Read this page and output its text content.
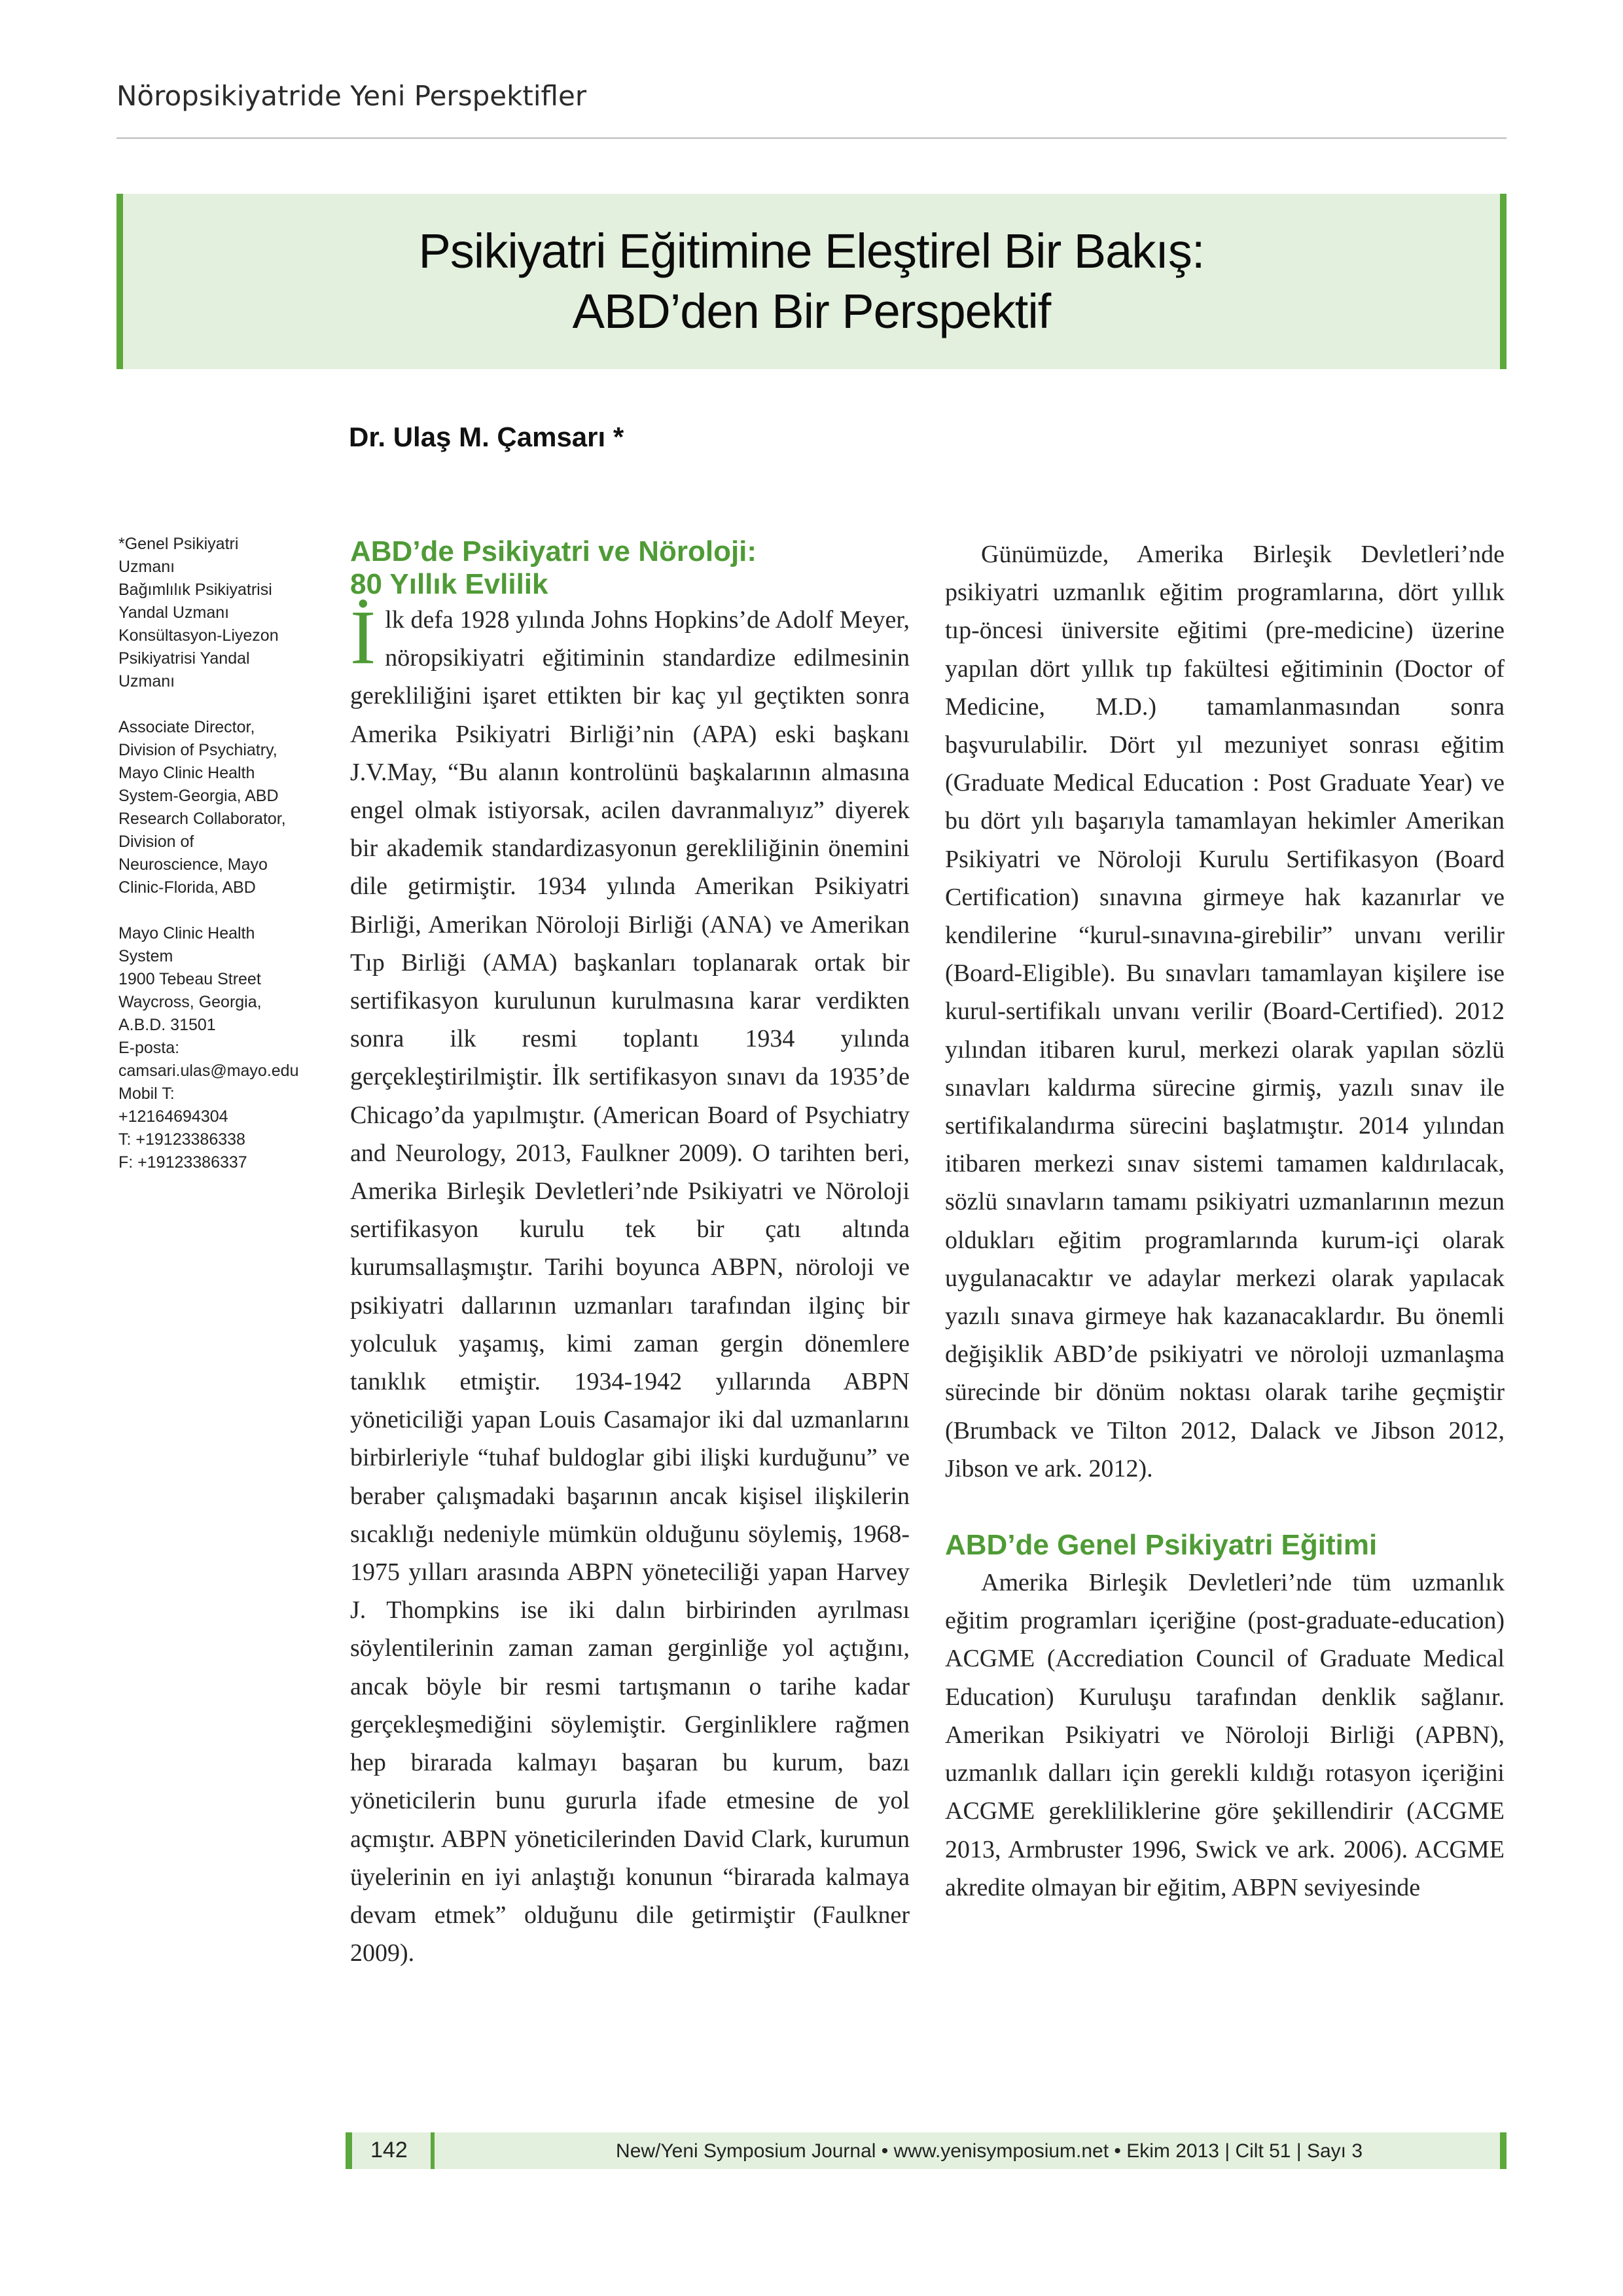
Nöropsikiyatride Yeni Perspektifler
Psikiyatri Eğitimine Eleştirel Bir Bakış:
ABD’den Bir Perspektif
Dr. Ulaş M. Çamsarı *

*Genel Psikiyatri
Uzmanı
Bağımlılık Psikiyatrisi
Yandal Uzmanı
Konsültasyon-Liyezon
Psikiyatrisi Yandal
Uzmanı

Associate Director,
Division of Psychiatry,
Mayo Clinic Health
System-Georgia, ABD
Research Collaborator,
Division of
Neuroscience, Mayo
Clinic-Florida, ABD

Mayo Clinic Health
System
1900 Tebeau Street
Waycross, Georgia,
A.B.D. 31501
E-posta:
camsari.ulas@mayo.edu
Mobil T:
+12164694304
T: +19123386338
F: +19123386337

ABD’de Psikiyatri ve Nöroloji:
80 Yıllık Evlilik

İlk defa 1928 yılında Johns Hopkins’de Adolf Meyer, nöropsikiyatri eğitiminin standardize edilmesinin gerekliliğini işaret ettikten bir kaç yıl geçtikten sonra Amerika Psikiyatri Birliği’nin (APA) eski başkanı J.V.May, “Bu alanın kontrolünü başkalarının almasına engel olmak istiyorsak, acilen davranmalıyız” diyerek bir akademik standardizasyonun gerekliliğinin önemini dile getirmiştir. 1934 yılında Amerikan Psikiyatri Birliği, Amerikan Nöroloji Birliği (ANA) ve Amerikan Tıp Birliği (AMA) başkanları toplanarak ortak bir sertifikasyon kurulunun kurulmasına karar verdikten sonra ilk resmi toplantı 1934 yılında gerçekleştirilmiştir. İlk sertifikasyon sınavı da 1935’de Chicago’da yapılmıştır. (American Board of Psychiatry and Neurology, 2013, Faulkner 2009). O tarihten beri, Amerika Birleşik Devletleri’nde Psikiyatri ve Nöroloji sertifikasyon kurulu tek bir çatı altında kurumsallaşmıştır. Tarihi boyunca ABPN, nöroloji ve psikiyatri dallarının uzmanları tarafından ilginç bir yolculuk yaşamış, kimi zaman gergin dönemlere tanıklık etmiştir. 1934-1942 yıllarında ABPN yöneticiliği yapan Louis Casamajor iki dal uzmanlarını birbirleriyle “tuhaf buldoglar gibi ilişki kurduğunu” ve beraber çalışmadaki başarının ancak kişisel ilişkilerin sıcaklığı nedeniyle mümkün olduğunu söylemiş, 1968-1975 yılları arasında ABPN yöneteciliği yapan Harvey J. Thompkins ise iki dalın birbirinden ayrılması söylentilerinin zaman zaman gerginliğe yol açtığını, ancak böyle bir resmi tartışmanın o tarihe kadar gerçekleşmediğini söylemiştir. Gerginliklere rağmen hep birarada kalmayı başaran bu kurum, bazı yöneticilerin bunu gururla ifade etmesine de yol açmıştır. ABPN yöneticilerinden David Clark, kurumun üyelerinin en iyi anlaştığı konunun “birarada kalmaya devam etmek” olduğunu dile getirmiştir (Faulkner 2009).

Günümüzde, Amerika Birleşik Devletleri’nde psikiyatri uzmanlık eğitim programlarına, dört yıllık tıp-öncesi üniversite eğitimi (pre-medicine) üzerine yapılan dört yıllık tıp fakültesi eğitiminin (Doctor of Medicine, M.D.) tamamlanmasından sonra başvurulabilir. Dört yıl mezuniyet sonrası eğitim (Graduate Medical Education : Post Graduate Year) ve bu dört yılı başarıyla tamamlayan hekimler Amerikan Psikiyatri ve Nöroloji Kurulu Sertifikasyon (Board Certification) sınavına girmeye hak kazanırlar ve kendilerine “kurul-sınavına-girebilir” unvanı verilir (Board-Eligible). Bu sınavları tamamlayan kişilere ise kurul-sertifikalı unvanı verilir (Board-Certified). 2012 yılından itibaren kurul, merkezi olarak yapılan sözlü sınavları kaldırma sürecine girmiş, yazılı sınav ile sertifikalandırma sürecini başlatmıştır. 2014 yılından itibaren merkezi sınav sistemi tamamen kaldırılacak, sözlü sınavların tamamı psikiyatri uzmanlarının mezun oldukları eğitim programlarında kurum-içi olarak uygulanacaktır ve adaylar merkezi olarak yapılacak yazılı sınava girmeye hak kazanacaklardır. Bu önemli değişiklik ABD’de psikiyatri ve nöroloji uzmanlaşma sürecinde bir dönüm noktası olarak tarihe geçmiştir (Brumback ve Tilton 2012, Dalack ve Jibson 2012, Jibson ve ark. 2012).

ABD’de Genel Psikiyatri Eğitimi

Amerika Birleşik Devletleri’nde tüm uzmanlık eğitim programları içeriğine (post-graduate-education) ACGME (Accrediation Council of Graduate Medical Education) Kuruluşu tarafından denklik sağlanır. Amerikan Psikiyatri ve Nöroloji Birliği (APBN), uzmanlık dalları için gerekli kıldığı rotasyon içeriğini ACGME gerekliliklerine göre şekillendirir (ACGME 2013, Armbruster 1996, Swick ve ark. 2006). ACGME akredite olmayan bir eğitim, ABPN seviyesinde

142	New/Yeni Symposium Journal • www.yenisymposium.net • Ekim 2013 | Cilt 51 | Sayı 3
